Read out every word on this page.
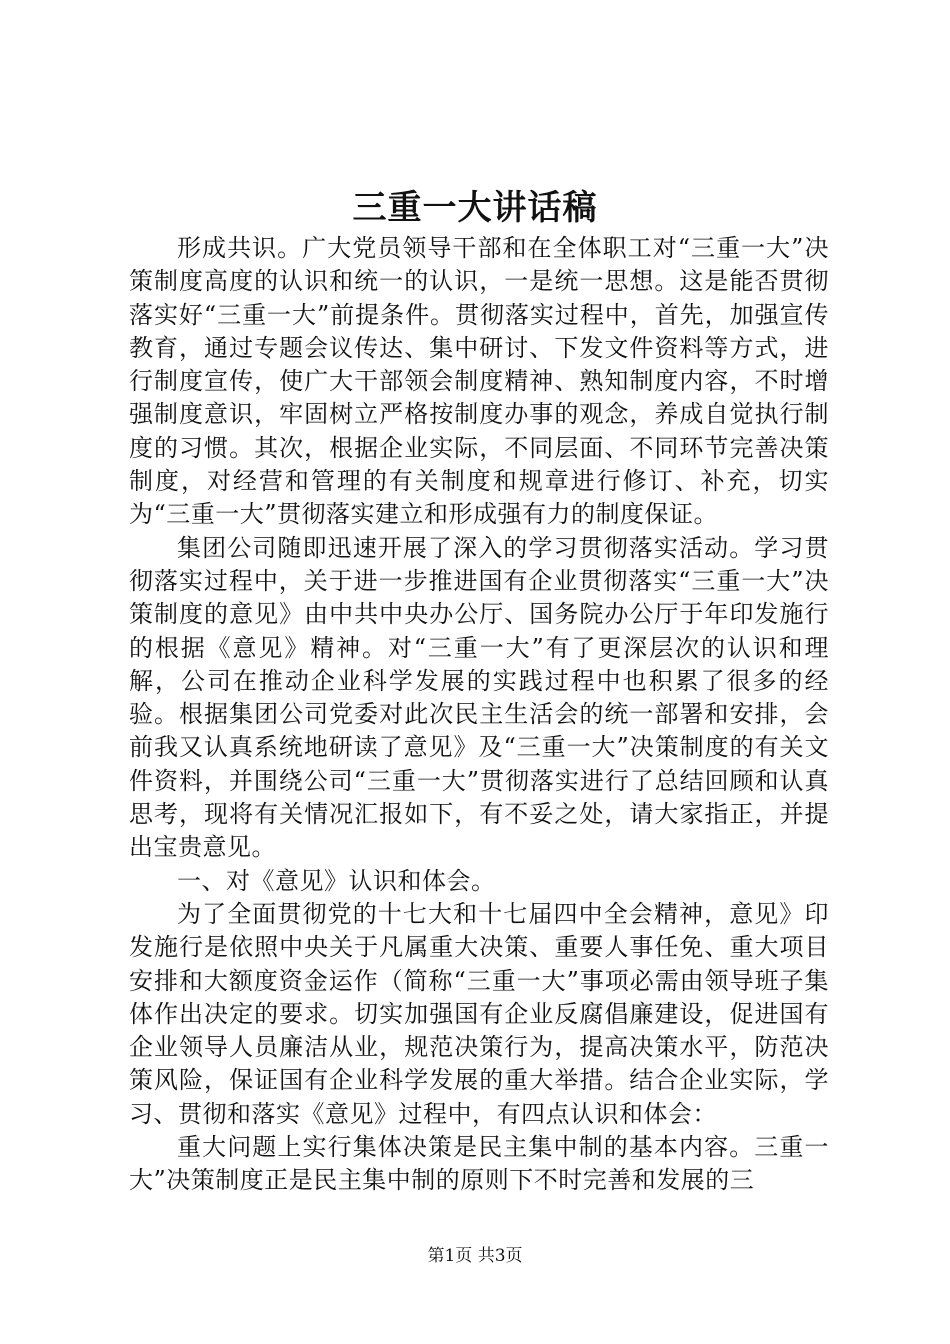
三重一大讲话稿

形成共识。广大党员领导干部和在全体职工对“三重一大”决策制度高度的认识和统一的认识，一是统一思想。这是能否贯彻落实好“三重一大”前提条件。贯彻落实过程中，首先，加强宣传教育，通过专题会议传达、集中研讨、下发文件资料等方式，进行制度宣传，使广大干部领会制度精神、熟知制度内容，不时增强制度意识，牢固树立严格按制度办事的观念，养成自觉执行制度的习惯。其次，根据企业实际，不同层面、不同环节完善决策制度，对经营和管理的有关制度和规章进行修订、补充，切实为“三重一大”贯彻落实建立和形成强有力的制度保证。

集团公司随即迅速开展了深入的学习贯彻落实活动。学习贯彻落实过程中，关于进一步推进国有企业贯彻落实“三重一大”决策制度的意见》由中共中央办公厅、国务院办公厅于年印发施行的根据《意见》精神。对“三重一大”有了更深层次的认识和理解，公司在推动企业科学发展的实践过程中也积累了很多的经验。根据集团公司党委对此次民主生活会的统一部署和安排，会前我又认真系统地研读了意见》及“三重一大”决策制度的有关文件资料，并围绕公司“三重一大”贯彻落实进行了总结回顾和认真思考，现将有关情况汇报如下，有不妥之处，请大家指正，并提出宝贵意见。

一、对《意见》认识和体会。

为了全面贯彻党的十七大和十七届四中全会精神，意见》印发施行是依照中央关于凡属重大决策、重要人事任免、重大项目安排和大额度资金运作（简称“三重一大”事项必需由领导班子集体作出决定的要求。切实加强国有企业反腐倡廉建设，促进国有企业领导人员廉洁从业，规范决策行为，提高决策水平，防范决策风险，保证国有企业科学发展的重大举措。结合企业实际，学习、贯彻和落实《意见》过程中，有四点认识和体会：

重大问题上实行集体决策是民主集中制的基本内容。三重一大”决策制度正是民主集中制的原则下不时完善和发展的三

第1页 共3页
